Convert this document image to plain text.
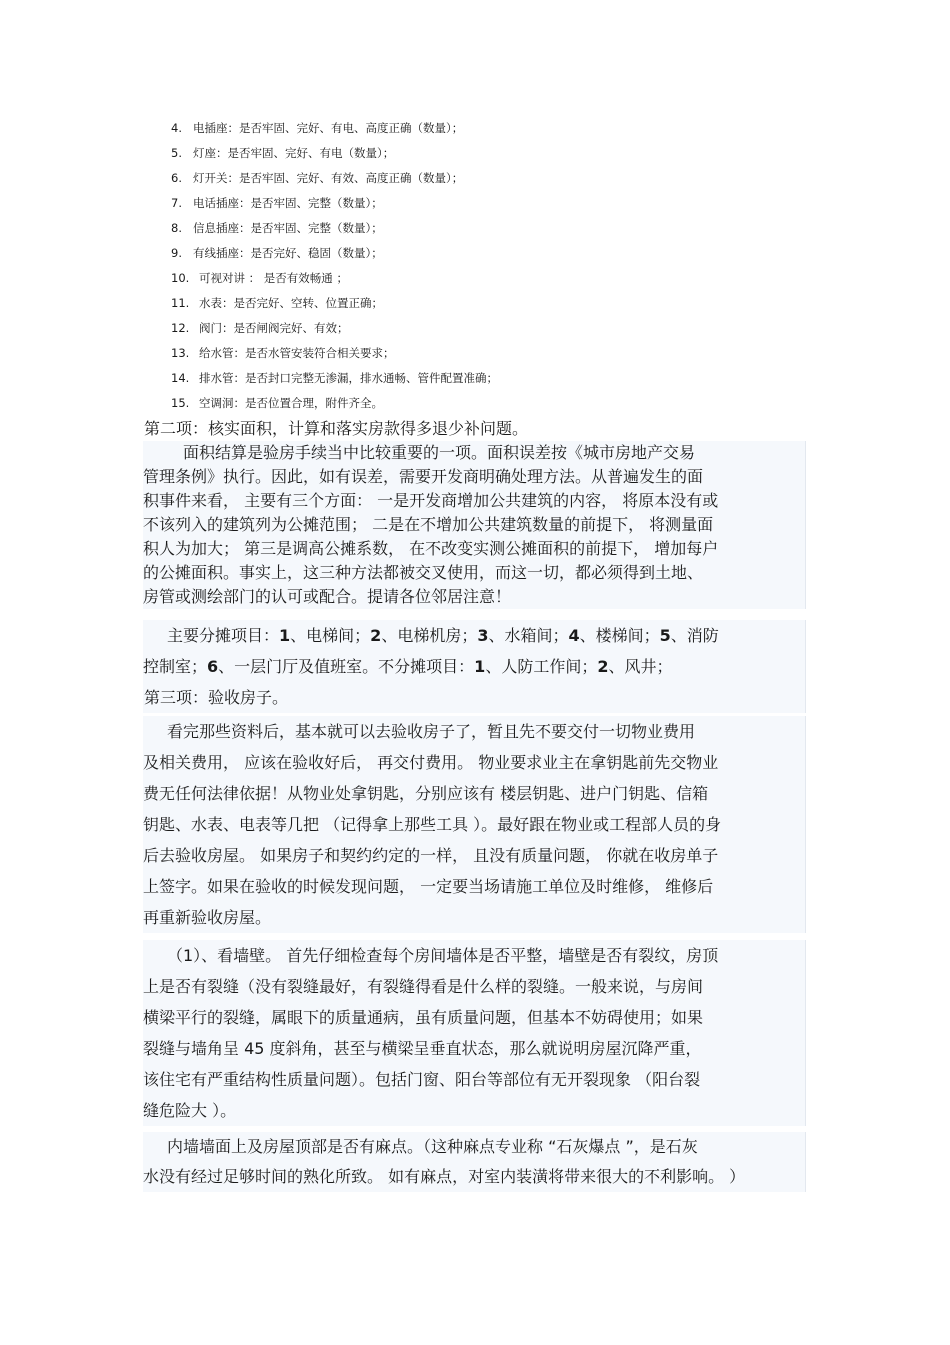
4. 电插座：是否牢固、完好、有电、高度正确（数量）；
5. 灯座：是否牢固、完好、有电（数量）；
6. 灯开关：是否牢固、完好、有效、高度正确（数量）；
7. 电话插座：是否牢固、完整（数量）；
8. 信息插座：是否牢固、完整（数量）；
9. 有线插座：是否完好、稳固（数量）；
10. 可视对讲 ： 是否有效畅通 ；
11. 水表：是否完好、空转、位置正确；
12. 阀门：是否闸阀完好、有效；
13. 给水管：是否水管安装符合相关要求；
14. 排水管：是否封口完整无渗漏，排水通畅、管件配置准确；
15. 空调洞：是否位置合理，附件齐全。
第二项：核实面积，计算和落实房款得多退少补问题。
面积结算是验房手续当中比较重要的一项。面积误差按《城市房地产交易
管理条例》执行。因此，如有误差，需要开发商明确处理方法。从普遍发生的面
积事件来看， 主要有三个方面： 一是开发商增加公共建筑的内容， 将原本没有或
不该列入的建筑列为公摊范围； 二是在不增加公共建筑数量的前提下， 将测量面
积人为加大； 第三是调高公摊系数， 在不改变实测公摊面积的前提下， 增加每户
的公摊面积。事实上，这三种方法都被交叉使用，而这一切，都必须得到土地、
房管或测绘部门的认可或配合。提请各位邻居注意！
主要分摊项目：1、电梯间；2、电梯机房；3、水箱间；4、楼梯间；5、消防
控制室；6、一层门厅及值班室。不分摊项目：1、人防工作间；2、风井；
第三项：验收房子。
看完那些资料后，基本就可以去验收房子了，暂且先不要交付一切物业费用
及相关费用， 应该在验收好后， 再交付费用。 物业要求业主在拿钥匙前先交物业
费无任何法律依据！从物业处拿钥匙，分别应该有 楼层钥匙、进户门钥匙、信箱
钥匙、水表、电表等几把 （记得拿上那些工具 ）。最好跟在物业或工程部人员的身
后去验收房屋。 如果房子和契约约定的一样， 且没有质量问题， 你就在收房单子
上签字。如果在验收的时候发现问题， 一定要当场请施工单位及时维修， 维修后
再重新验收房屋。
（1）、看墙壁。 首先仔细检查每个房间墙体是否平整，墙壁是否有裂纹，房顶
上是否有裂缝（没有裂缝最好，有裂缝得看是什么样的裂缝。一般来说，与房间
横梁平行的裂缝，属眼下的质量通病，虽有质量问题，但基本不妨碍使用；如果
裂缝与墙角呈 45 度斜角，甚至与横梁呈垂直状态，那么就说明房屋沉降严重，
该住宅有严重结构性质量问题）。包括门窗、阳台等部位有无开裂现象 （阳台裂
缝危险大 ）。
内墙墙面上及房屋顶部是否有麻点。（这种麻点专业称 “石灰爆点 ”，是石灰
水没有经过足够时间的熟化所致。 如有麻点，对室内装潢将带来很大的不利影响。 ）
